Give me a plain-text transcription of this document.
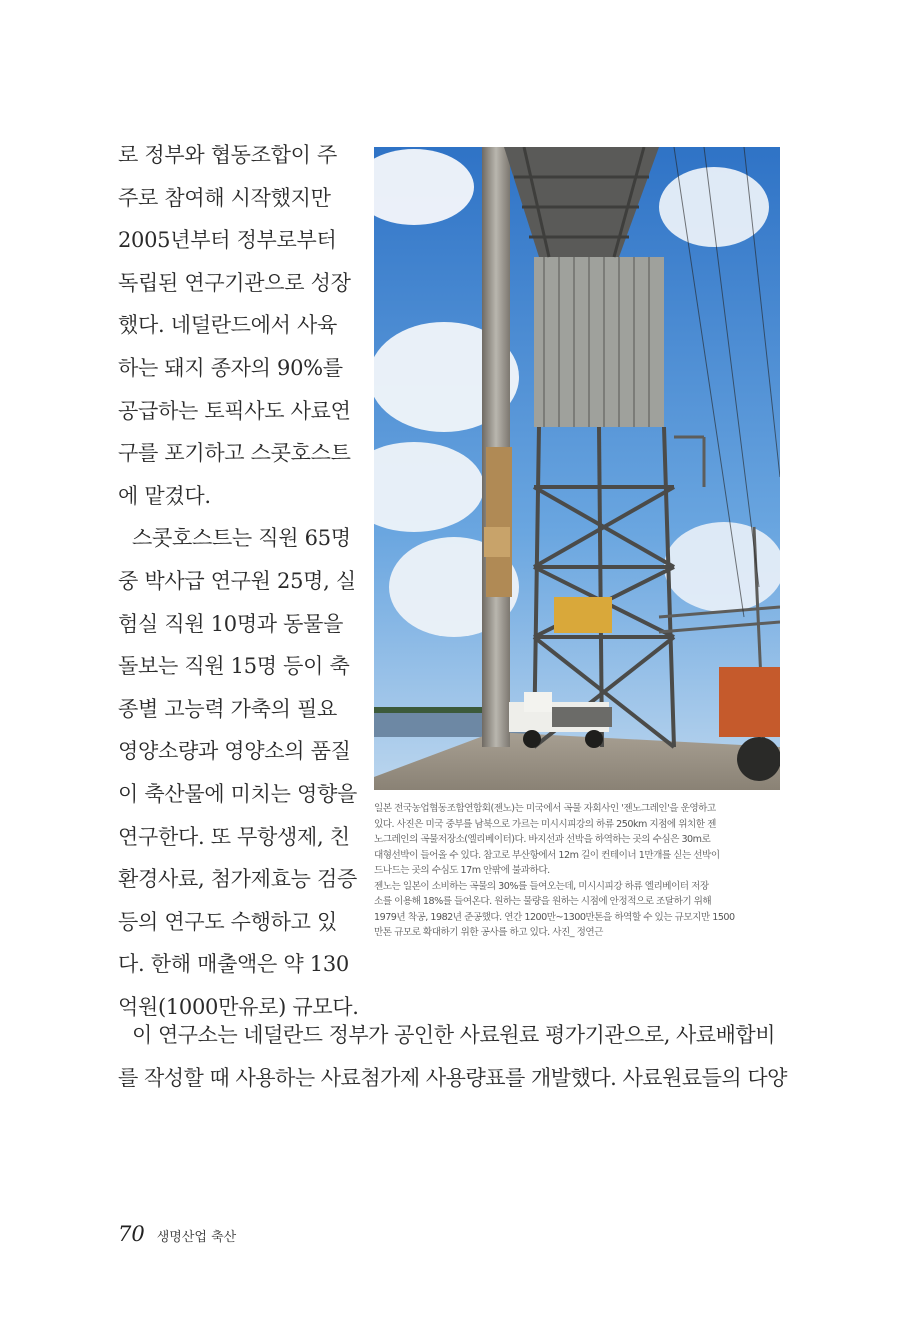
로 정부와 협동조합이 주
주로 참여해 시작했지만
2005년부터 정부로부터
독립된 연구기관으로 성장
했다. 네덜란드에서 사육
하는 돼지 종자의 90%를
공급하는 토픽사도 사료연
구를 포기하고 스콧호스트
에 맡겼다.
스콧호스트는 직원 65명
중 박사급 연구원 25명, 실
험실 직원 10명과 동물을
돌보는 직원 15명 등이 축
종별 고능력 가축의 필요
영양소량과 영양소의 품질
이 축산물에 미치는 영향을
연구한다. 또 무항생제, 친
환경사료, 첨가제효능 검증
등의 연구도 수행하고 있
다. 한해 매출액은 약 130
억원(1000만유로) 규모다.
일본 전국농업협동조합연합회(젠노)는 미국에서 곡물 자회사인 '젠노그레인'을 운영하고
있다. 사진은 미국 중부를 남북으로 가르는 미시시피강의 하류 250km 지점에 위치한 젠
노그레인의 곡물저장소(엘리베이터)다. 바지선과 선박을 하역하는 곳의 수심은 30m로
대형선박이 들어올 수 있다. 참고로 부산항에서 12m 길이 컨테이너 1만개를 싣는 선박이
드나드는 곳의 수심도 17m 안팎에 불과하다.
젠노는 일본이 소비하는 곡물의 30%를 들여오는데, 미시시피강 하류 엘리베이터 저장
소를 이용해 18%를 들여온다. 원하는 물량을 원하는 시점에 안정적으로 조달하기 위해
1979년 착공, 1982년 준공했다. 연간 1200만~1300만톤을 하역할 수 있는 규모지만 1500
만톤 규모로 확대하기 위한 공사를 하고 있다. 사진_ 정연근
이 연구소는 네덜란드 정부가 공인한 사료원료 평가기관으로, 사료배합비
를 작성할 때 사용하는 사료첨가제 사용량표를 개발했다. 사료원료들의 다양
70 생명산업 축산
